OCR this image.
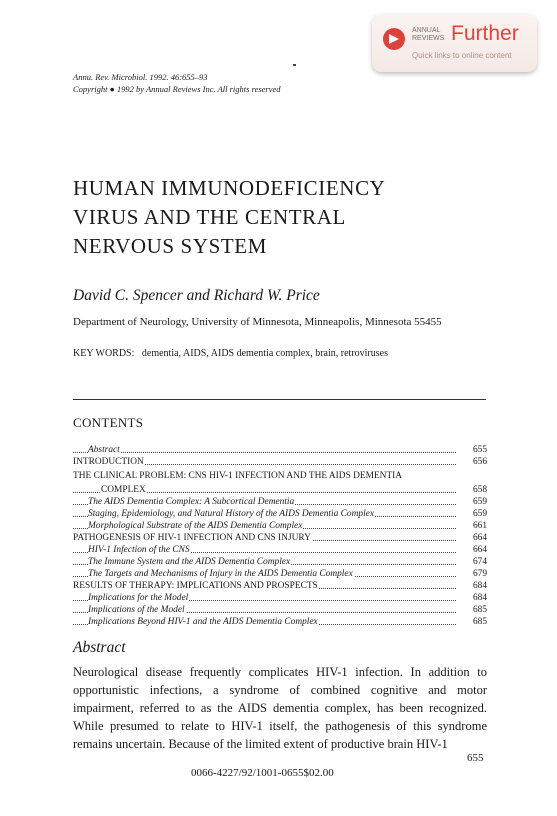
ANNUAL
REVIEWS Further
Quick links to online content
Annu. Rev. Microbiol. 1992. 46:655–93
Copyright ● 1992 by Annual Reviews Inc. All rights reserved
HUMAN IMMUNODEFICIENCY
VIRUS AND THE CENTRAL
NERVOUS SYSTEM
David C. Spencer and Richard W. Price
Department of Neurology, University of Minnesota, Minneapolis, Minnesota 55455
KEY WORDS: dementia, AIDS, AIDS dementia complex, brain, retroviruses
CONTENTS
Abstract	655
INTRODUCTION	656
THE CLINICAL PROBLEM: CNS HIV-1 INFECTION AND THE AIDS DEMENTIA
COMPLEX	658
The AIDS Dementia Complex: A Subcortical Dementia	659
Staging, Epidemiology, and Natural History of the AIDS Dementia Complex	659
Morphological Substrate of the AIDS Dementia Complex	661
PATHOGENESIS OF HIV-1 INFECTION AND CNS INJURY	664
HIV-1 Infection of the CNS	664
The Immune System and the AIDS Dementia Complex	674
The Targets and Mechanisms of Injury in the AIDS Dementia Complex	679
RESULTS OF THERAPY: IMPLICATIONS AND PROSPECTS	684
Implications for the Model	684
Implications of the Model	685
Implications Beyond HIV-1 and the AIDS Dementia Complex	685
Abstract
Neurological disease frequently complicates HIV-1 infection. In addition to opportunistic infections, a syndrome of combined cognitive and motor impairment, referred to as the AIDS dementia complex, has been recognized. While presumed to relate to HIV-1 itself, the pathogenesis of this syndrome remains uncertain. Because of the limited extent of productive brain HIV-1
655
0066-4227/92/1001-0655$02.00
